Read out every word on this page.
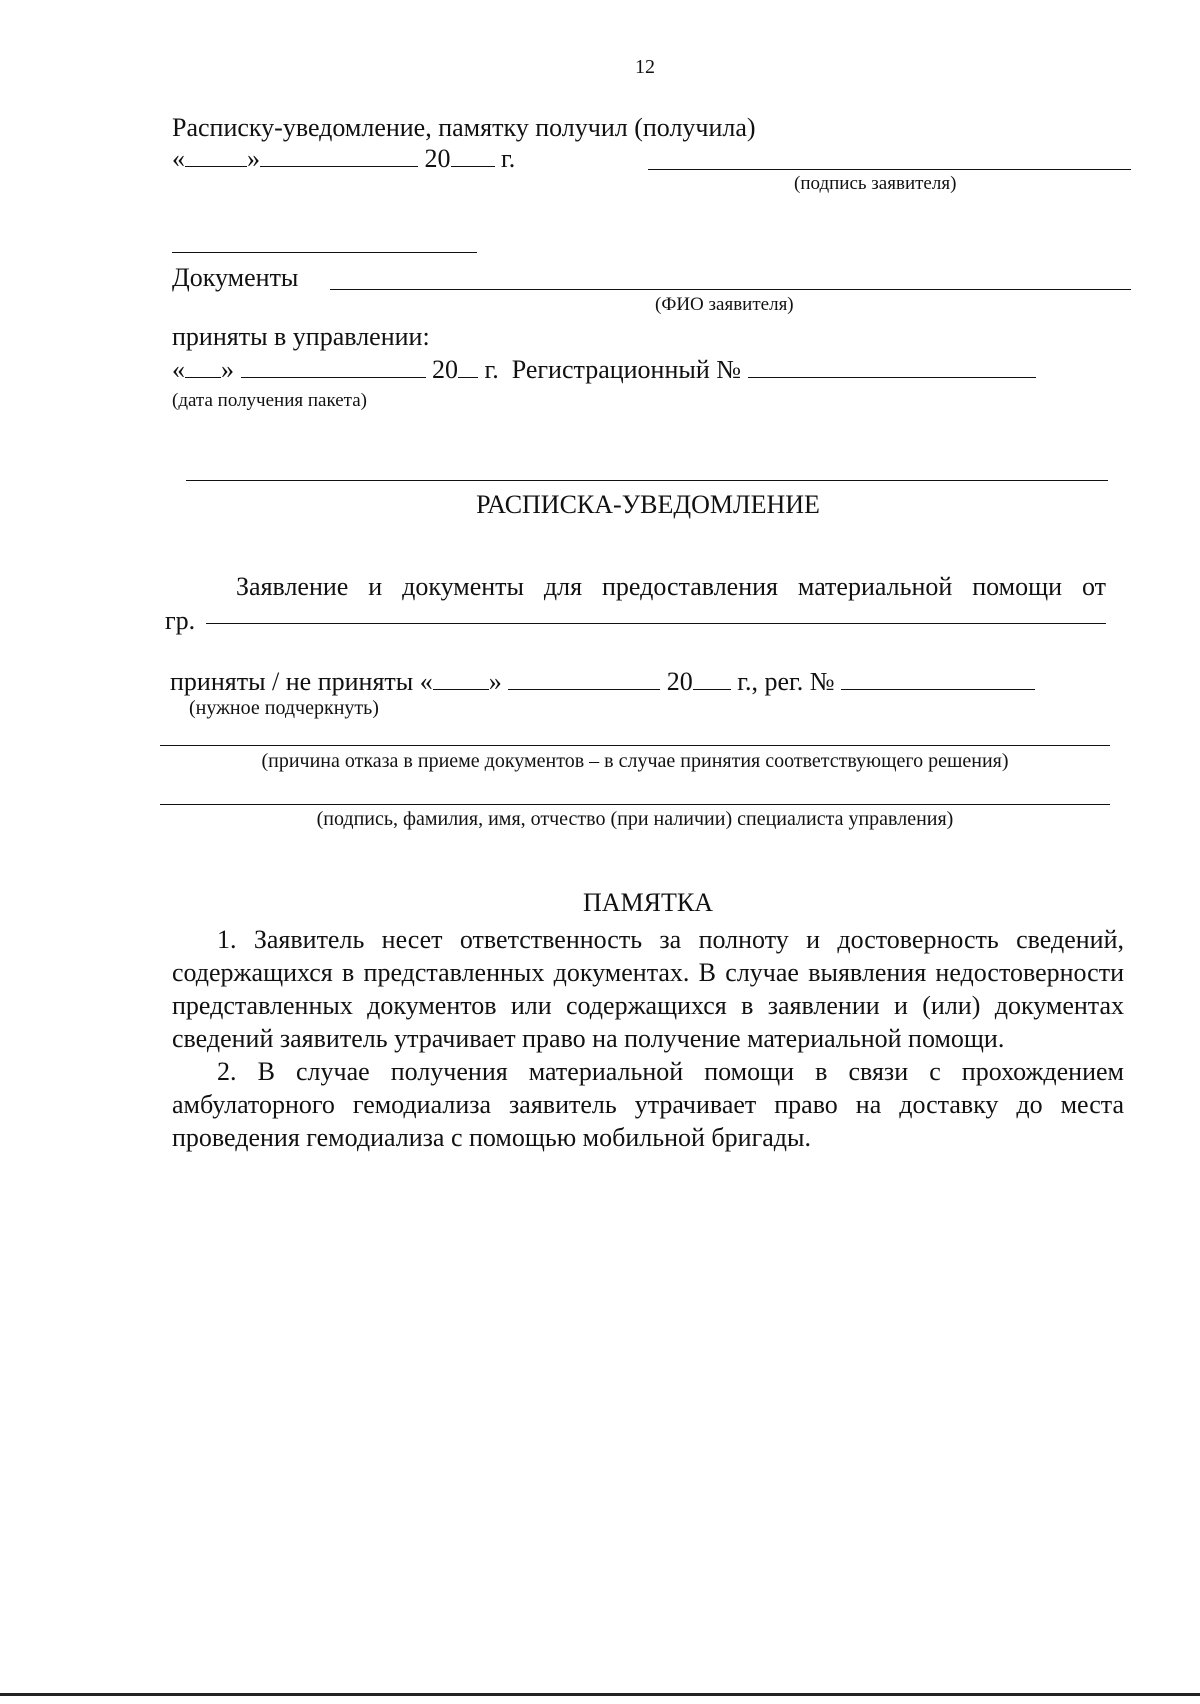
12
Расписку-уведомление, памятку получил (получила)
« »	20 г.
(подпись заявителя)
Документы
(ФИО заявителя)
приняты в управлении:
« »	20 г. Регистрационный №
(дата получения пакета)
РАСПИСКА-УВЕДОМЛЕНИЕ
Заявление и документы для предоставления материальной помощи от
гр.
приняты / не приняты « »	20 г., рег. №
(нужное подчеркнуть)
(причина отказа в приеме документов – в случае принятия соответствующего решения)
(подпись, фамилия, имя, отчество (при наличии) специалиста управления)
ПАМЯТКА

1. Заявитель несет ответственность за полноту и достоверность сведений, содержащихся в представленных документах. В случае выявления недостоверности представленных документов или содержащихся в заявлении и (или) документах сведений заявитель утрачивает право на получение материальной помощи.

2. В случае получения материальной помощи в связи с прохождением амбулаторного гемодиализа заявитель утрачивает право на доставку до места проведения гемодиализа с помощью мобильной бригады.
